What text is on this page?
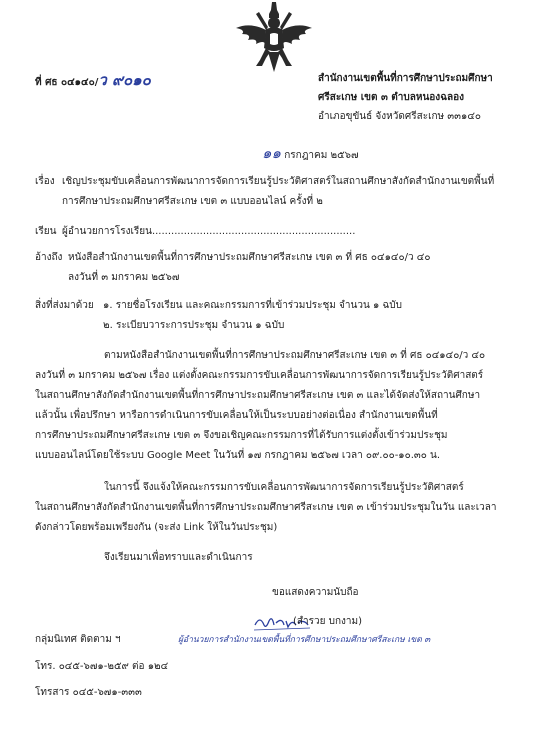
ที่ ศธ ๐๔๑๔๐/ว ๙๐๑๐	สำนักงานเขตพื้นที่การศึกษาประถมศึกษา
ศรีสะเกษ เขต ๓ ตำบลหนองฉลอง
อำเภอขุขันธ์ จังหวัดศรีสะเกษ ๓๓๑๔๐
๑๑ กรกฎาคม ๒๕๖๗
เรื่อง เชิญประชุมขับเคลื่อนการพัฒนาการจัดการเรียนรู้ประวัติศาสตร์ในสถานศึกษาสังกัดสำนักงานเขตพื้นที่
การศึกษาประถมศึกษาศรีสะเกษ เขต ๓ แบบออนไลน์ ครั้งที่ ๒
เรียน ผู้อำนวยการโรงเรียน................................................................
อ้างถึง หนังสือสำนักงานเขตพื้นที่การศึกษาประถมศึกษาศรีสะเกษ เขต ๓ ที่ ศธ ๐๔๑๔๐/ว ๔๐
ลงวันที่ ๓ มกราคม ๒๕๖๗
สิ่งที่ส่งมาด้วย ๑. รายชื่อโรงเรียน และคณะกรรมการที่เข้าร่วมประชุม จำนวน ๑ ฉบับ
๒. ระเบียบวาระการประชุม จำนวน ๑ ฉบับ
ตามหนังสือสำนักงานเขตพื้นที่การศึกษาประถมศึกษาศรีสะเกษ เขต ๓ ที่ ศธ ๐๔๑๔๐/ว ๔๐
ลงวันที่ ๓ มกราคม ๒๕๖๗ เรื่อง แต่งตั้งคณะกรรมการขับเคลื่อนการพัฒนาการจัดการเรียนรู้ประวัติศาสตร์
ในสถานศึกษาสังกัดสำนักงานเขตพื้นที่การศึกษาประถมศึกษาศรีสะเกษ เขต ๓ และได้จัดส่งให้สถานศึกษา
แล้วนั้น เพื่อปรึกษา หารือการดำเนินการขับเคลื่อนให้เป็นระบบอย่างต่อเนื่อง สำนักงานเขตพื้นที่
การศึกษาประถมศึกษาศรีสะเกษ เขต ๓ จึงขอเชิญคณะกรรมการที่ได้รับการแต่งตั้งเข้าร่วมประชุม
แบบออนไลน์โดยใช้ระบบ Google Meet ในวันที่ ๑๗ กรกฎาคม ๒๕๖๗ เวลา ๐๙.๐๐-๑๐.๓๐ น.
ในการนี้ จึงแจ้งให้คณะกรรมการขับเคลื่อนการพัฒนาการจัดการเรียนรู้ประวัติศาสตร์
ในสถานศึกษาสังกัดสำนักงานเขตพื้นที่การศึกษาประถมศึกษาศรีสะเกษ เขต ๓ เข้าร่วมประชุมในวัน และเวลา
ดังกล่าวโดยพร้อมเพรียงกัน (จะส่ง Link ให้ในวันประชุม)
จึงเรียนมาเพื่อทราบและดำเนินการ
ขอแสดงความนับถือ
(สำรวย บกงาม)
ผู้อำนวยการสำนักงานเขตพื้นที่การศึกษาประถมศึกษาศรีสะเกษ เขต ๓
กลุ่มนิเทศ ติดตาม ฯ
โทร. ๐๔๕-๖๗๑-๒๕๙ ต่อ ๑๒๔
โทรสาร ๐๔๕-๖๗๑-๓๓๓
